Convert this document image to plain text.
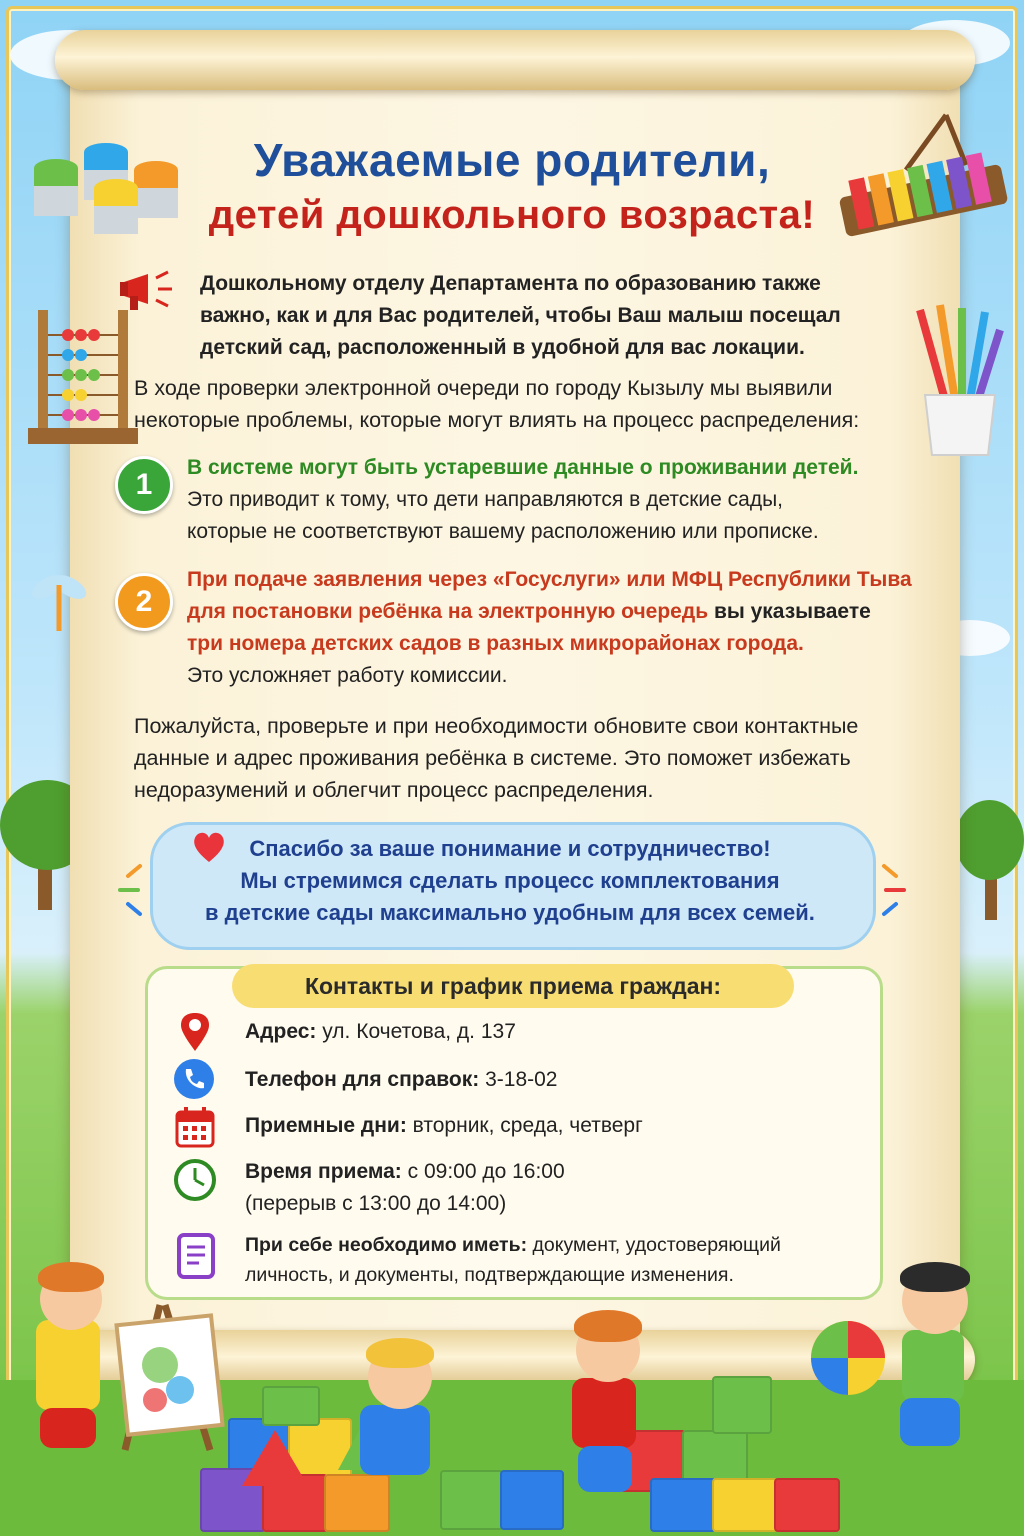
Уважаемые родители,
детей дошкольного возраста!
Дошкольному отделу Департамента по образованию также
важно, как и для Вас родителей, чтобы Ваш малыш посещал
детский сад, расположенный в удобной для вас локации.
В ходе проверки электронной очереди по городу Кызылу мы выявили
некоторые проблемы, которые могут влиять на процесс распределения:
1
В системе могут быть устаревшие данные о проживании детей.
Это приводит к тому, что дети направляются в детские сады,
которые не соответствуют вашему расположению или прописке.
2
При подаче заявления через «Госуслуги» или МФЦ Республики Тыва
для постановки ребёнка на электронную очередь вы указываете
три номера детских садов в разных микрорайонах города.
Это усложняет работу комиссии.
Пожалуйста, проверьте и при необходимости обновите свои контактные
данные и адрес проживания ребёнка в системе. Это поможет избежать
недоразумений и облегчит процесс распределения.
Спасибо за ваше понимание и сотрудничество!
Мы стремимся сделать процесс комплектования
в детские сады максимально удобным для всех семей.
Контакты и график приема граждан:
Адрес: ул. Кочетова, д. 137
Телефон для справок: 3-18-02
Приемные дни: вторник, среда, четверг
Время приема: с 09:00 до 16:00
(перерыв с 13:00 до 14:00)
При себе необходимо иметь: документ, удостоверяющий
личность, и документы, подтверждающие изменения.
